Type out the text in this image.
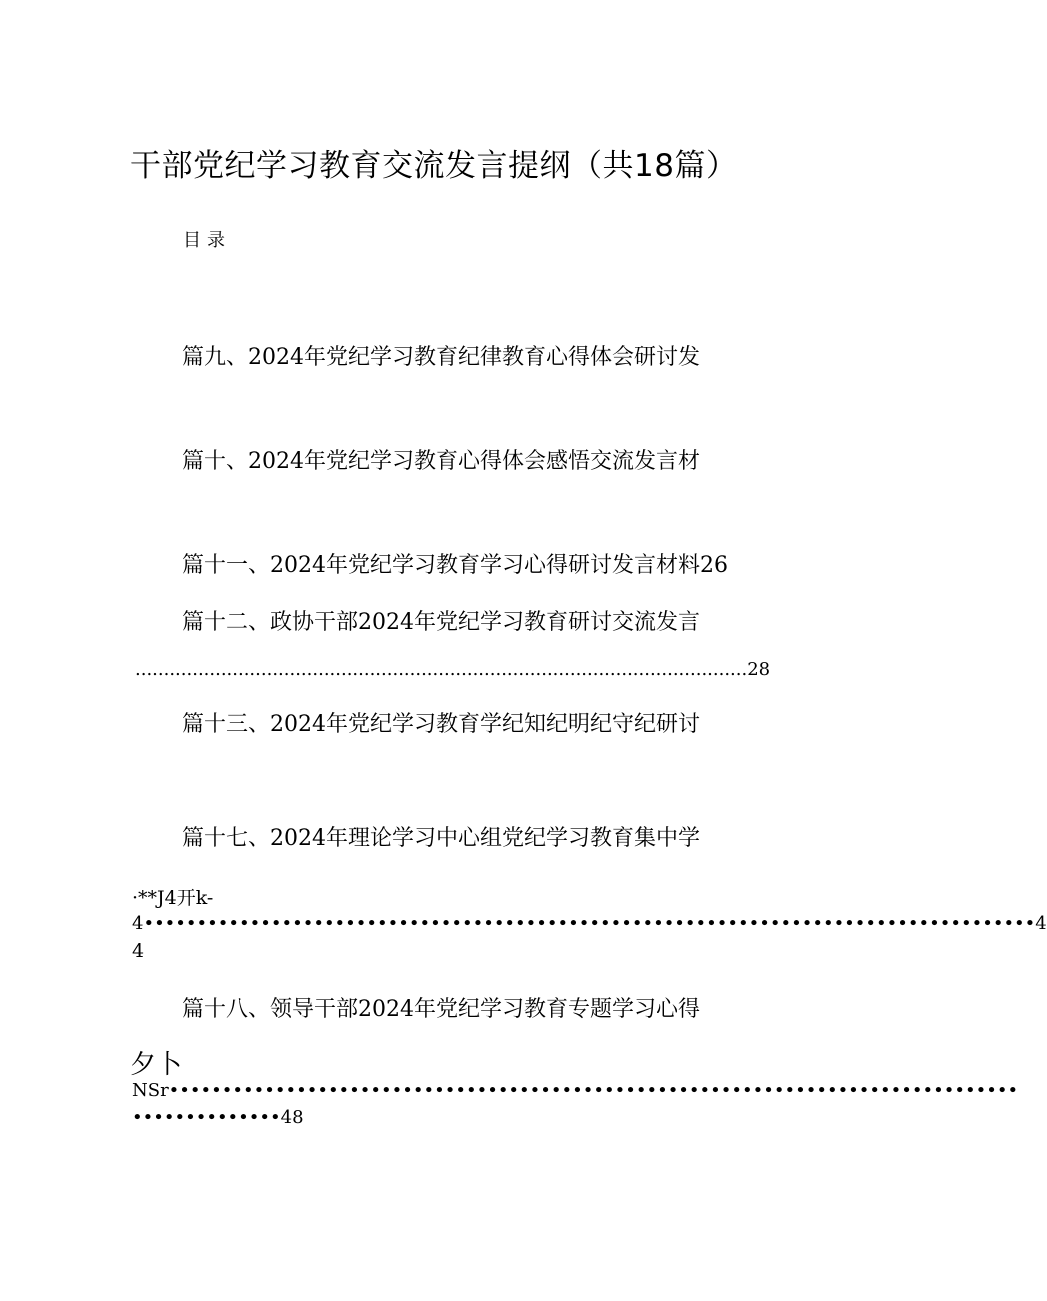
干部党纪学习教育交流发言提纲（共18篇）
目录
篇九、2024年党纪学习教育纪律教育心得体会研讨发
篇十、2024年党纪学习教育心得体会感悟交流发言材
篇十一、2024年党纪学习教育学习心得研讨发言材料26
篇十二、政协干部2024年党纪学习教育研讨交流发言
...........................................................................................................28
篇十三、2024年党纪学习教育学纪知纪明纪守纪研讨
篇十七、2024年理论学习中心组党纪学习教育集中学
·**J4开k-
4••••••••••••••••••••••••••••••••••••••••••••••••••••••••••••••••••••••••••••••••••••4
4
篇十八、领导干部2024年党纪学习教育专题学习心得
夕卜
NSr••••••••••••••••••••••••••••••••••••••••••••••••••••••••••••••••••••••••••••••••
••••••••••••••48
